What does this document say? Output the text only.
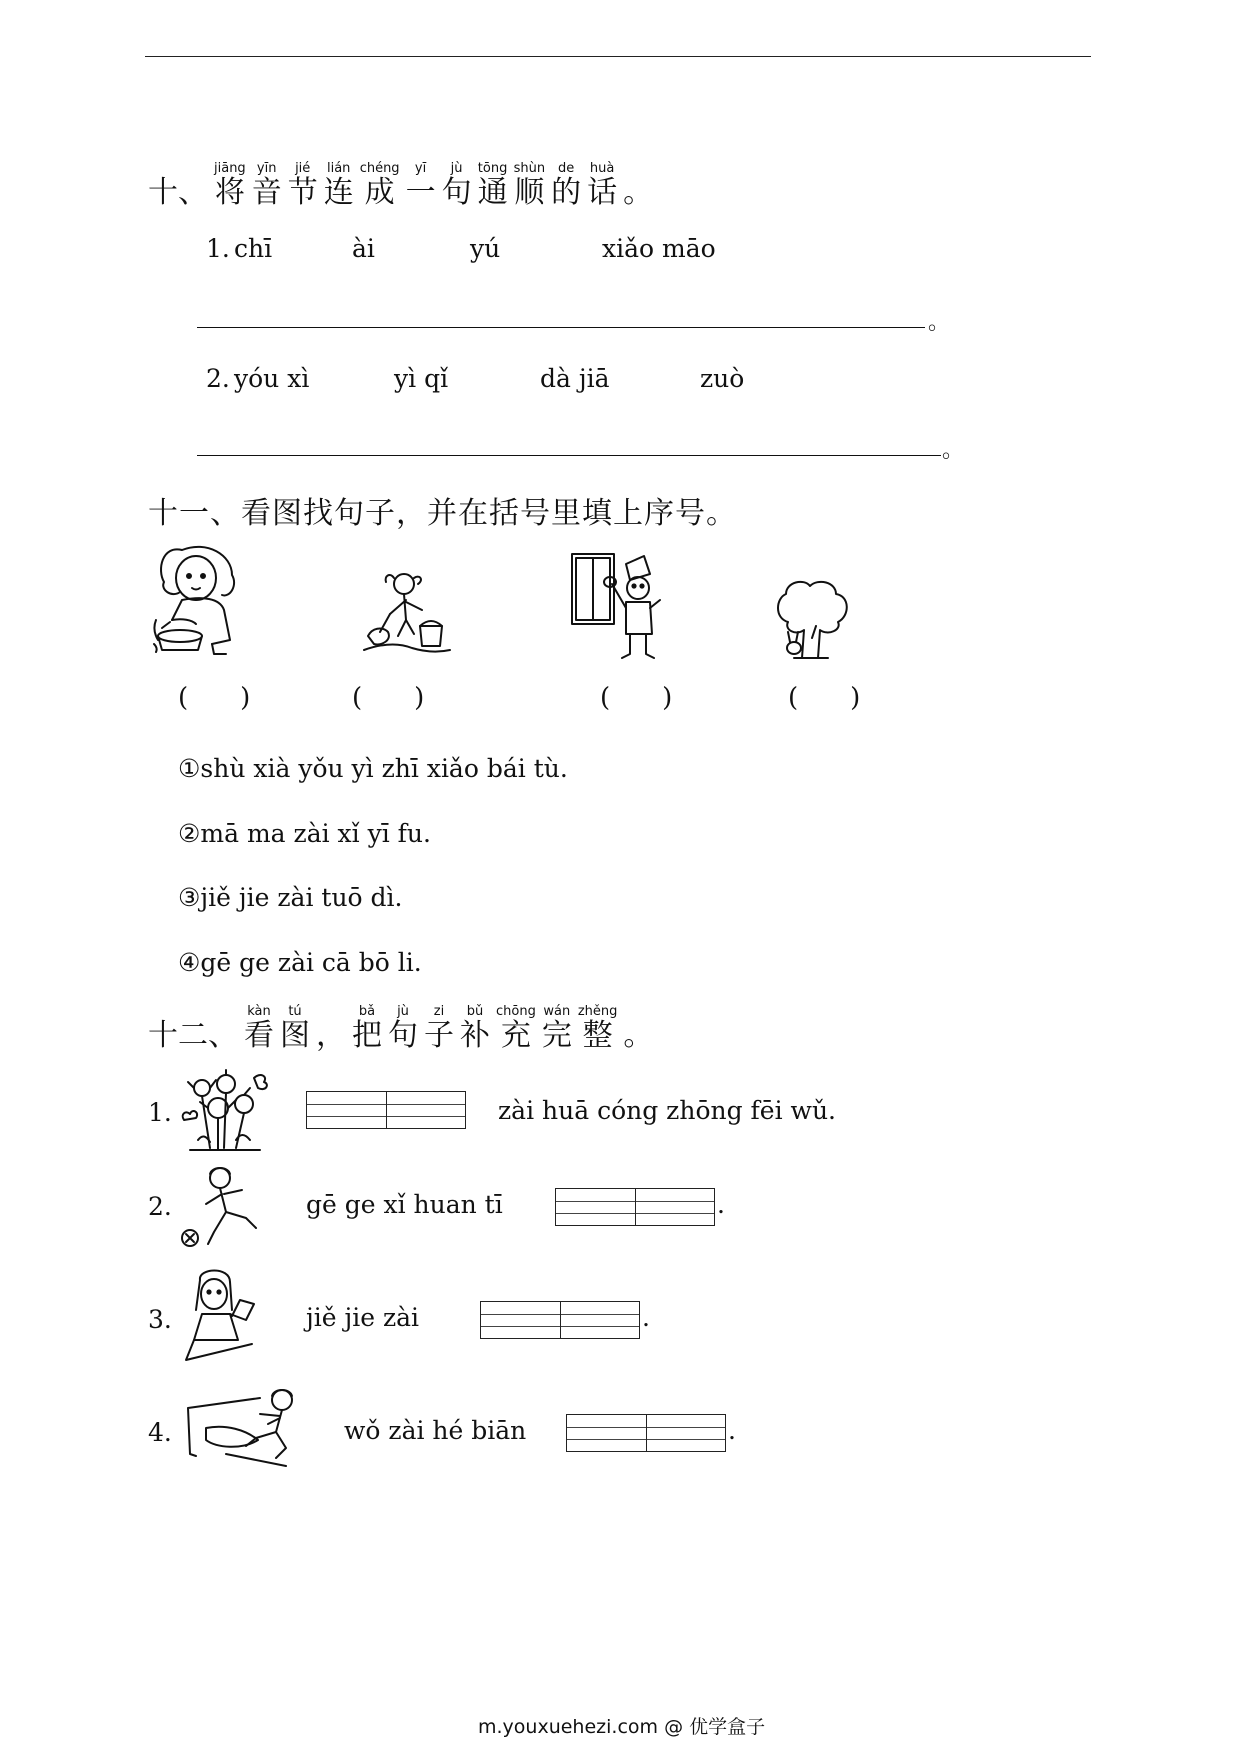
十、
jiāng
将
yīn
音
jié
节
lián
连
chéng
成
yī
一
jù
句
tōng
通
shùn
顺
de
的
huà
话 。
1. chī	ài	yú	xiǎo māo
。
2. yóu xì	yì qǐ	dà jiā	zuò
。
十一、看图找句子，并在括号里填上序号。
(　　)	(　　)	(　　)	(　　)
①shù xià yǒu yì zhī xiǎo bái tù.
②mā ma zài xǐ yī fu.
③jiě jie zài tuō dì.
④gē ge zài cā bō li.
十二、
kàn
看
tú
图 ，
bǎ
把
jù
句
zi
子
bǔ
补
chōng
充
wán
完
zhěng
整 。
1.	zài huā cóng zhōng fēi wǔ.
2.	gē ge xǐ huan tī	.
3.	jiě jie zài	.
4.	wǒ zài hé biān	.
m.youxuehezi.com @ 优学盒子
